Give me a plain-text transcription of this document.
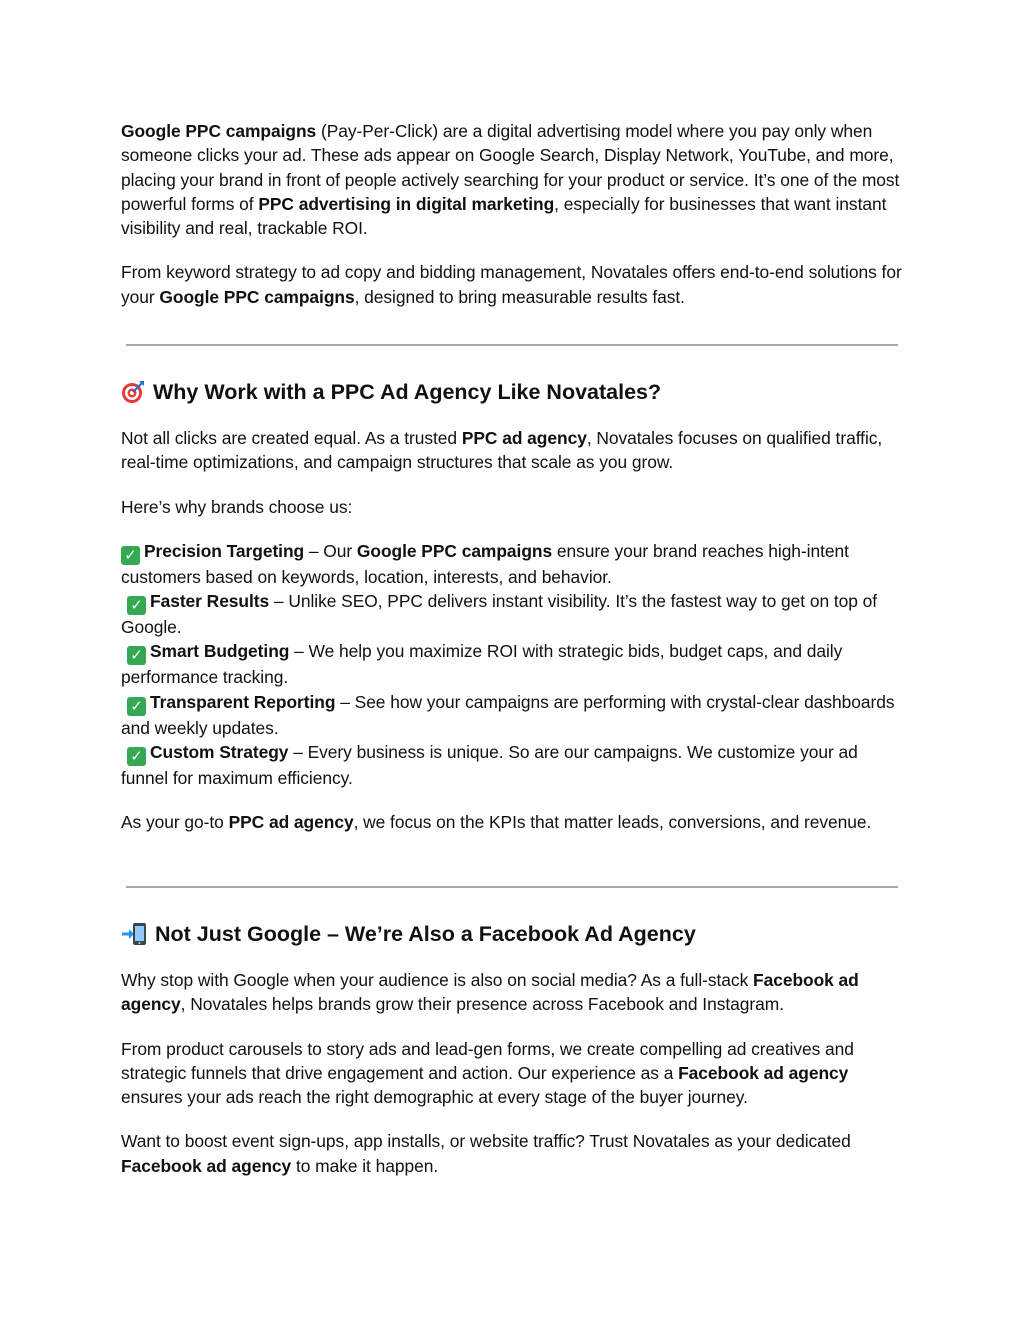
Google PPC campaigns (Pay-Per-Click) are a digital advertising model where you pay only when someone clicks your ad. These ads appear on Google Search, Display Network, YouTube, and more, placing your brand in front of people actively searching for your product or service. It’s one of the most powerful forms of PPC advertising in digital marketing, especially for businesses that want instant visibility and real, trackable ROI.

From keyword strategy to ad copy and bidding management, Novatales offers end-to-end solutions for your Google PPC campaigns, designed to bring measurable results fast.

Why Work with a PPC Ad Agency Like Novatales?

Not all clicks are created equal. As a trusted PPC ad agency, Novatales focuses on qualified traffic, real-time optimizations, and campaign structures that scale as you grow.

Here’s why brands choose us:

✓ Precision Targeting – Our Google PPC campaigns ensure your brand reaches high-intent customers based on keywords, location, interests, and behavior.
✓ Faster Results – Unlike SEO, PPC delivers instant visibility. It’s the fastest way to get on top of Google.
✓ Smart Budgeting – We help you maximize ROI with strategic bids, budget caps, and daily performance tracking.
✓ Transparent Reporting – See how your campaigns are performing with crystal-clear dashboards and weekly updates.
✓ Custom Strategy – Every business is unique. So are our campaigns. We customize your ad funnel for maximum efficiency.

As your go-to PPC ad agency, we focus on the KPIs that matter leads, conversions, and revenue.

Not Just Google – We’re Also a Facebook Ad Agency

Why stop with Google when your audience is also on social media? As a full-stack Facebook ad agency, Novatales helps brands grow their presence across Facebook and Instagram.

From product carousels to story ads and lead-gen forms, we create compelling ad creatives and strategic funnels that drive engagement and action. Our experience as a Facebook ad agency ensures your ads reach the right demographic at every stage of the buyer journey.

Want to boost event sign-ups, app installs, or website traffic? Trust Novatales as your dedicated Facebook ad agency to make it happen.
